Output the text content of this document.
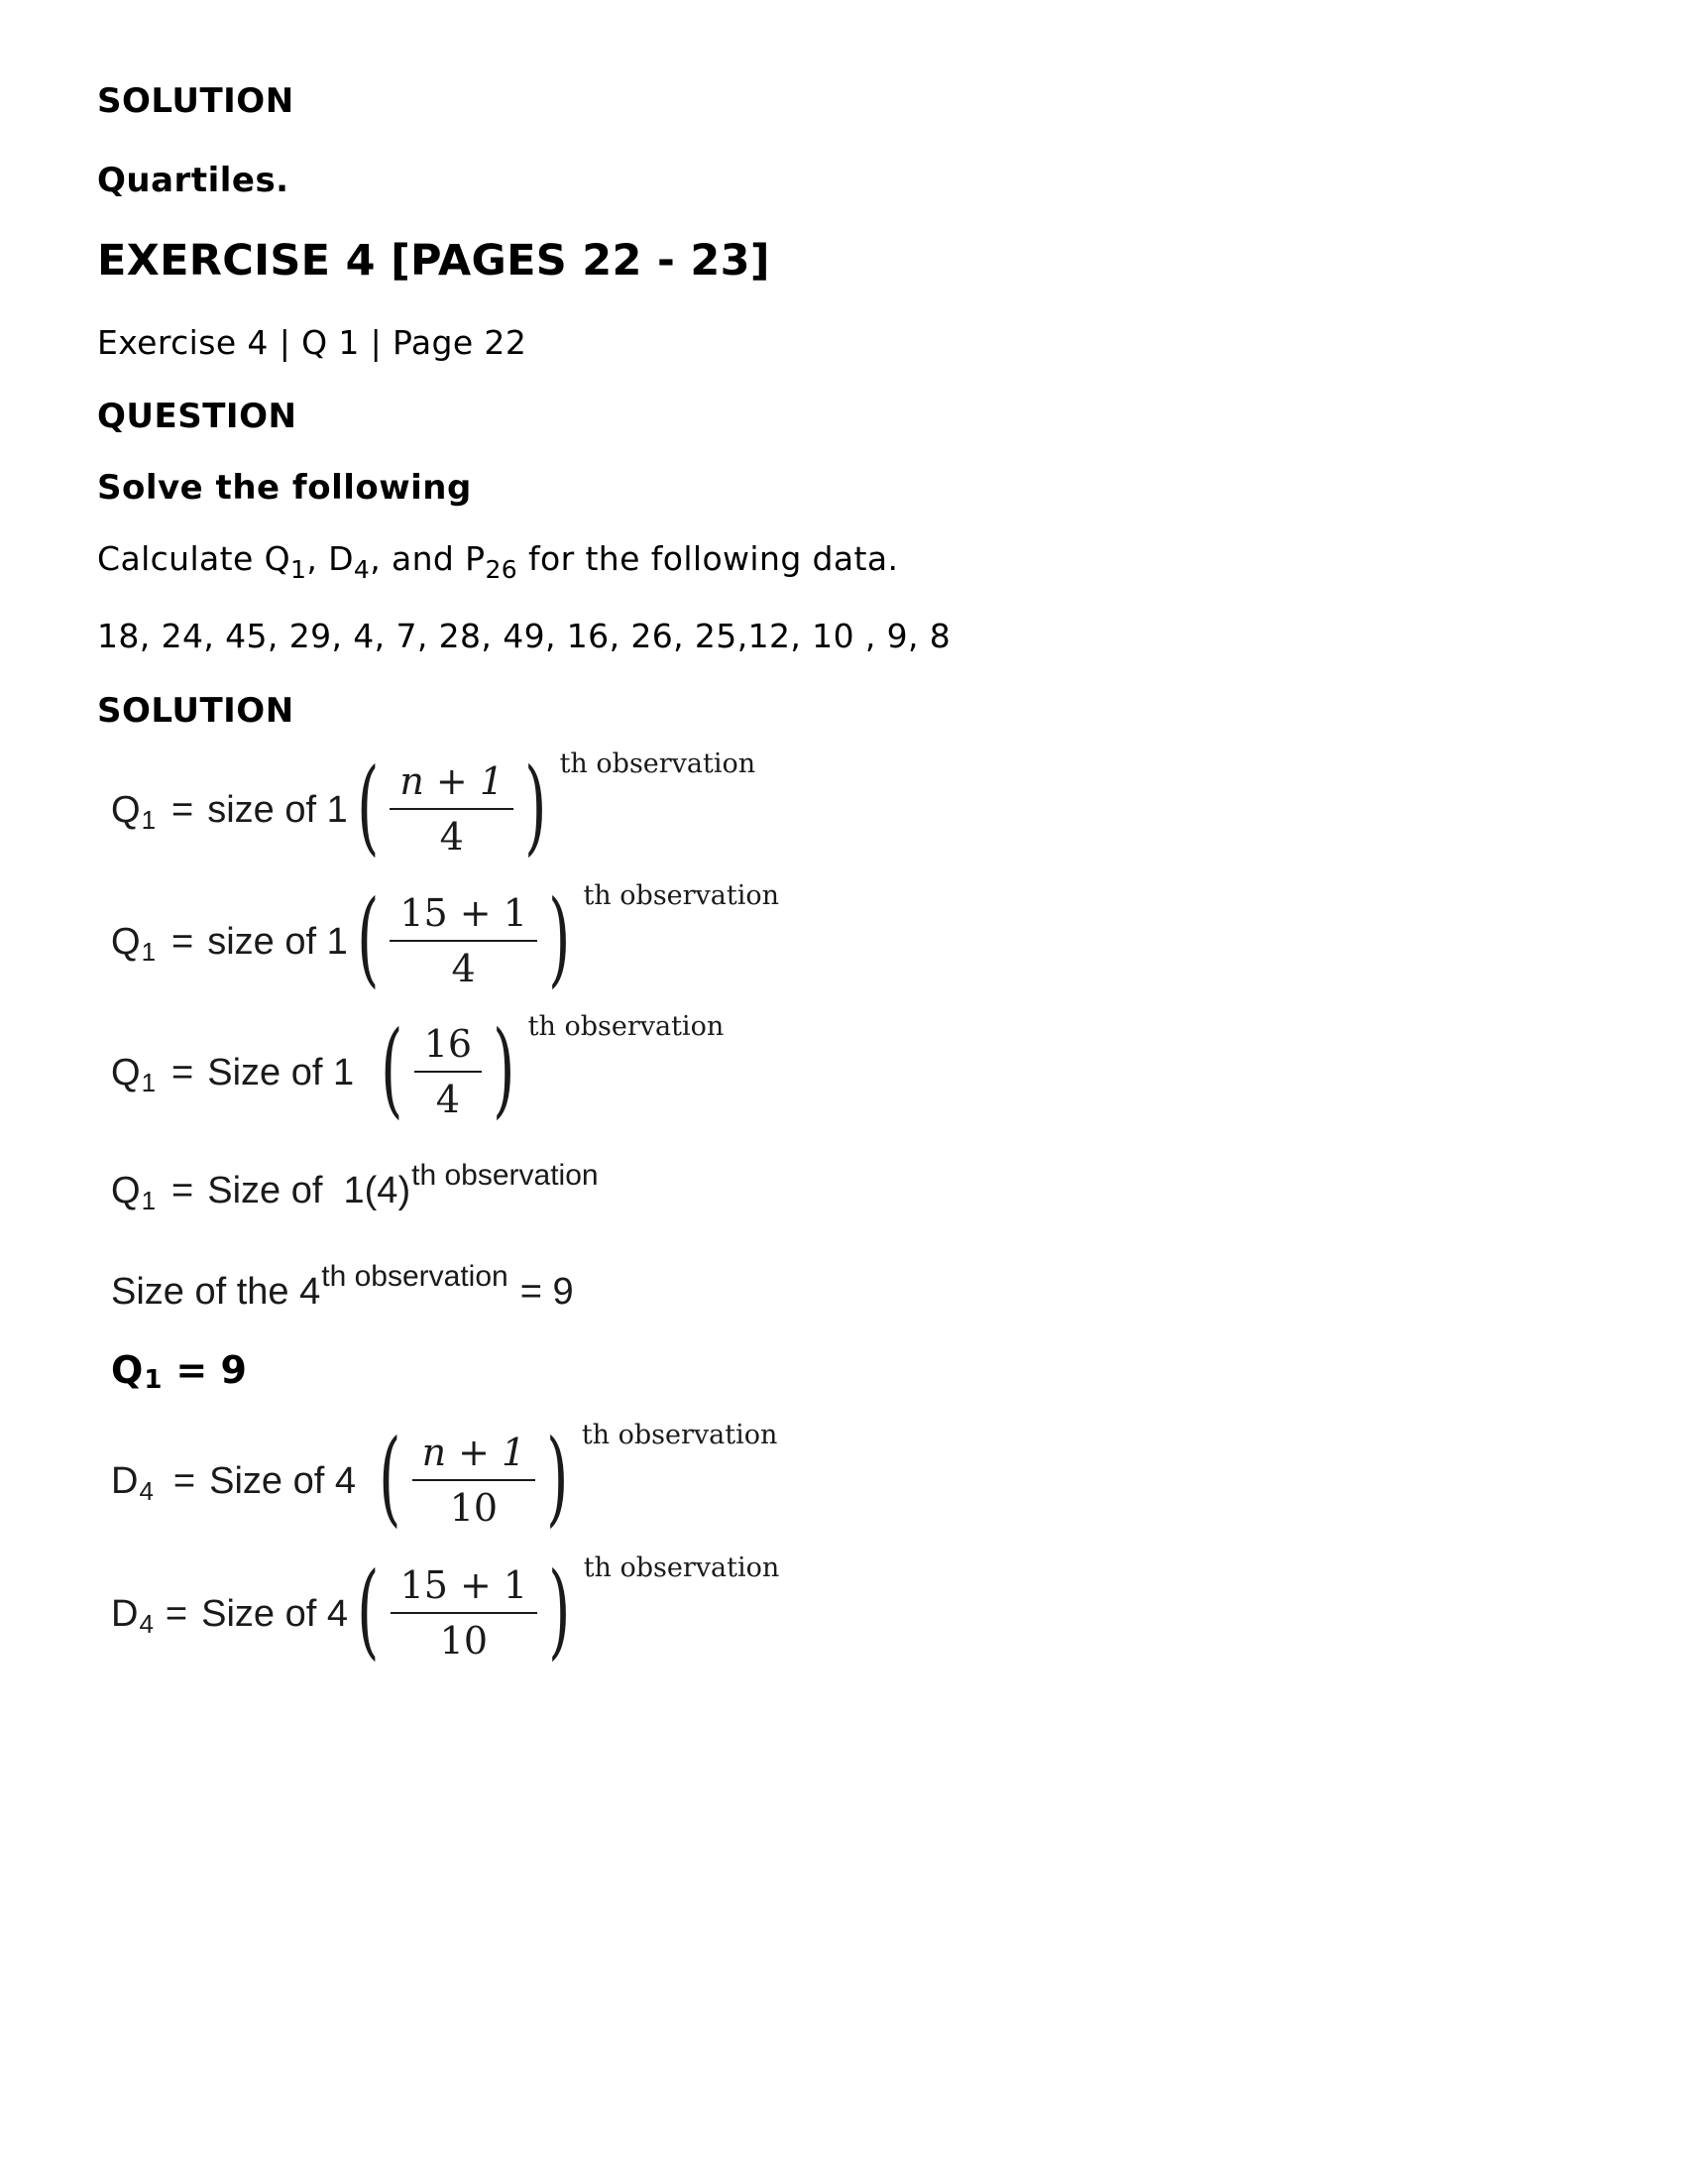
SOLUTION
Quartiles.
EXERCISE 4 [PAGES 22 - 23]
Exercise 4 | Q 1 | Page 22
QUESTION
Solve the following
Calculate $Q_1$, $D_4$, and $P_{26}$ for the following data.
18, 24, 45, 29, 4, 7, 28, 49, 16, 26, 25,12, 10 , 9, 8
SOLUTION
Q 1 = size of 1 ( $\frac{n + 1}{4}$ ) th observation
Q 1 = size of 1 ( $\frac{15 + 1}{4}$ ) th observation
Q 1 = Size of 1 ( $\frac{16}{4}$ ) th observation
Q 1 = Size of  1(4) th observation
Size of the 4 th observation = 9
Q 1 = 9
D 4 = Size of 4 ( $\frac{n + 1}{10}$ ) th observation
D 4 = Size of 4 ( $\frac{15 + 1}{10}$ ) th observation
